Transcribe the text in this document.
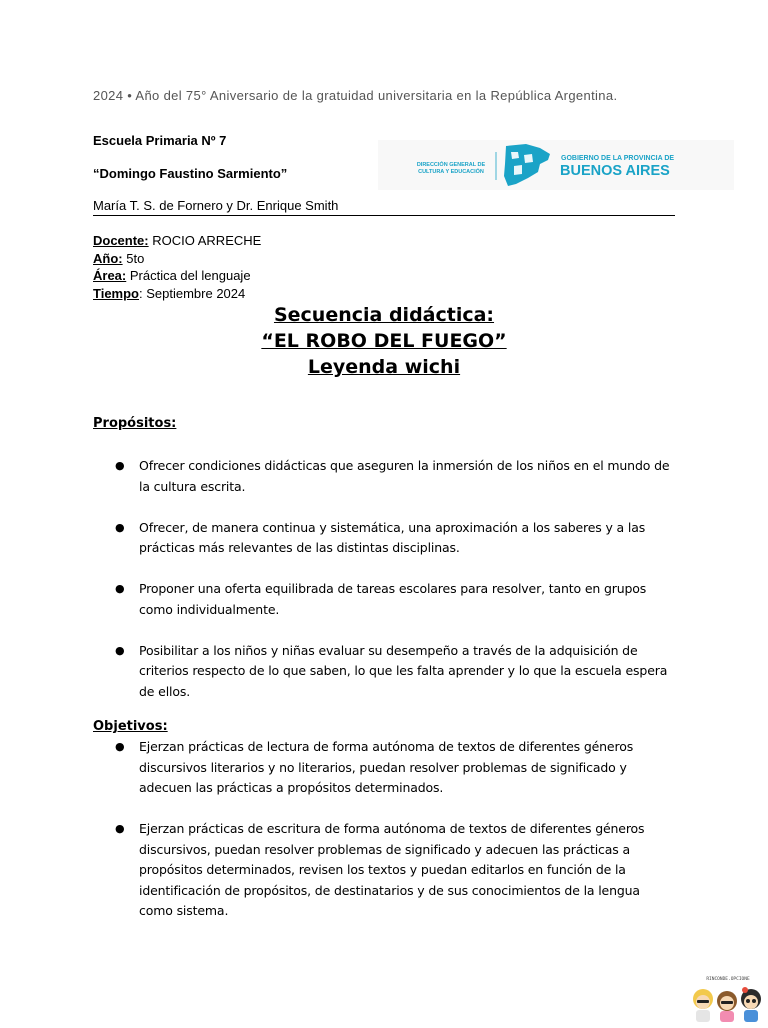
2024 • Año del 75° Aniversario de la gratuidad universitaria en la República Argentina.
Escuela Primaria Nº 7
“Domingo Faustino Sarmiento”
María T. S. de Fornero y Dr. Enrique Smith
DIRECCIÓN GENERAL DE
CULTURA Y EDUCACIÓN
GOBIERNO DE LA PROVINCIA DE
BUENOS AIRES
Docente: ROCIO ARRECHE
Año: 5to
Área: Práctica del lenguaje
Tiempo: Septiembre 2024
Secuencia didáctica:
“EL ROBO DEL FUEGO”
Leyenda wichi
Propósitos:
● Ofrecer condiciones didácticas que aseguren la inmersión de los niños en el mundo de la cultura escrita.
● Ofrecer, de manera continua y sistemática, una aproximación a los saberes y a las prácticas más relevantes de las distintas disciplinas.
● Proponer una oferta equilibrada de tareas escolares para resolver, tanto en grupos como individualmente.
● Posibilitar a los niños y niñas evaluar su desempeño a través de la adquisición de criterios respecto de lo que saben, lo que les falta aprender y lo que la escuela espera de ellos.
Objetivos:
● Ejerzan prácticas de lectura de forma autónoma de textos de diferentes géneros discursivos literarios y no literarios, puedan resolver problemas de significado y adecuen las prácticas a propósitos determinados.
● Ejerzan prácticas de escritura de forma autónoma de textos de diferentes géneros discursivos, puedan resolver problemas de significado y adecuen las prácticas a propósitos determinados, revisen los textos y puedan editarlos en función de la identificación de propósitos, de destinatarios y de sus conocimientos de la lengua como sistema.
RINCONDE.OPCIONE
